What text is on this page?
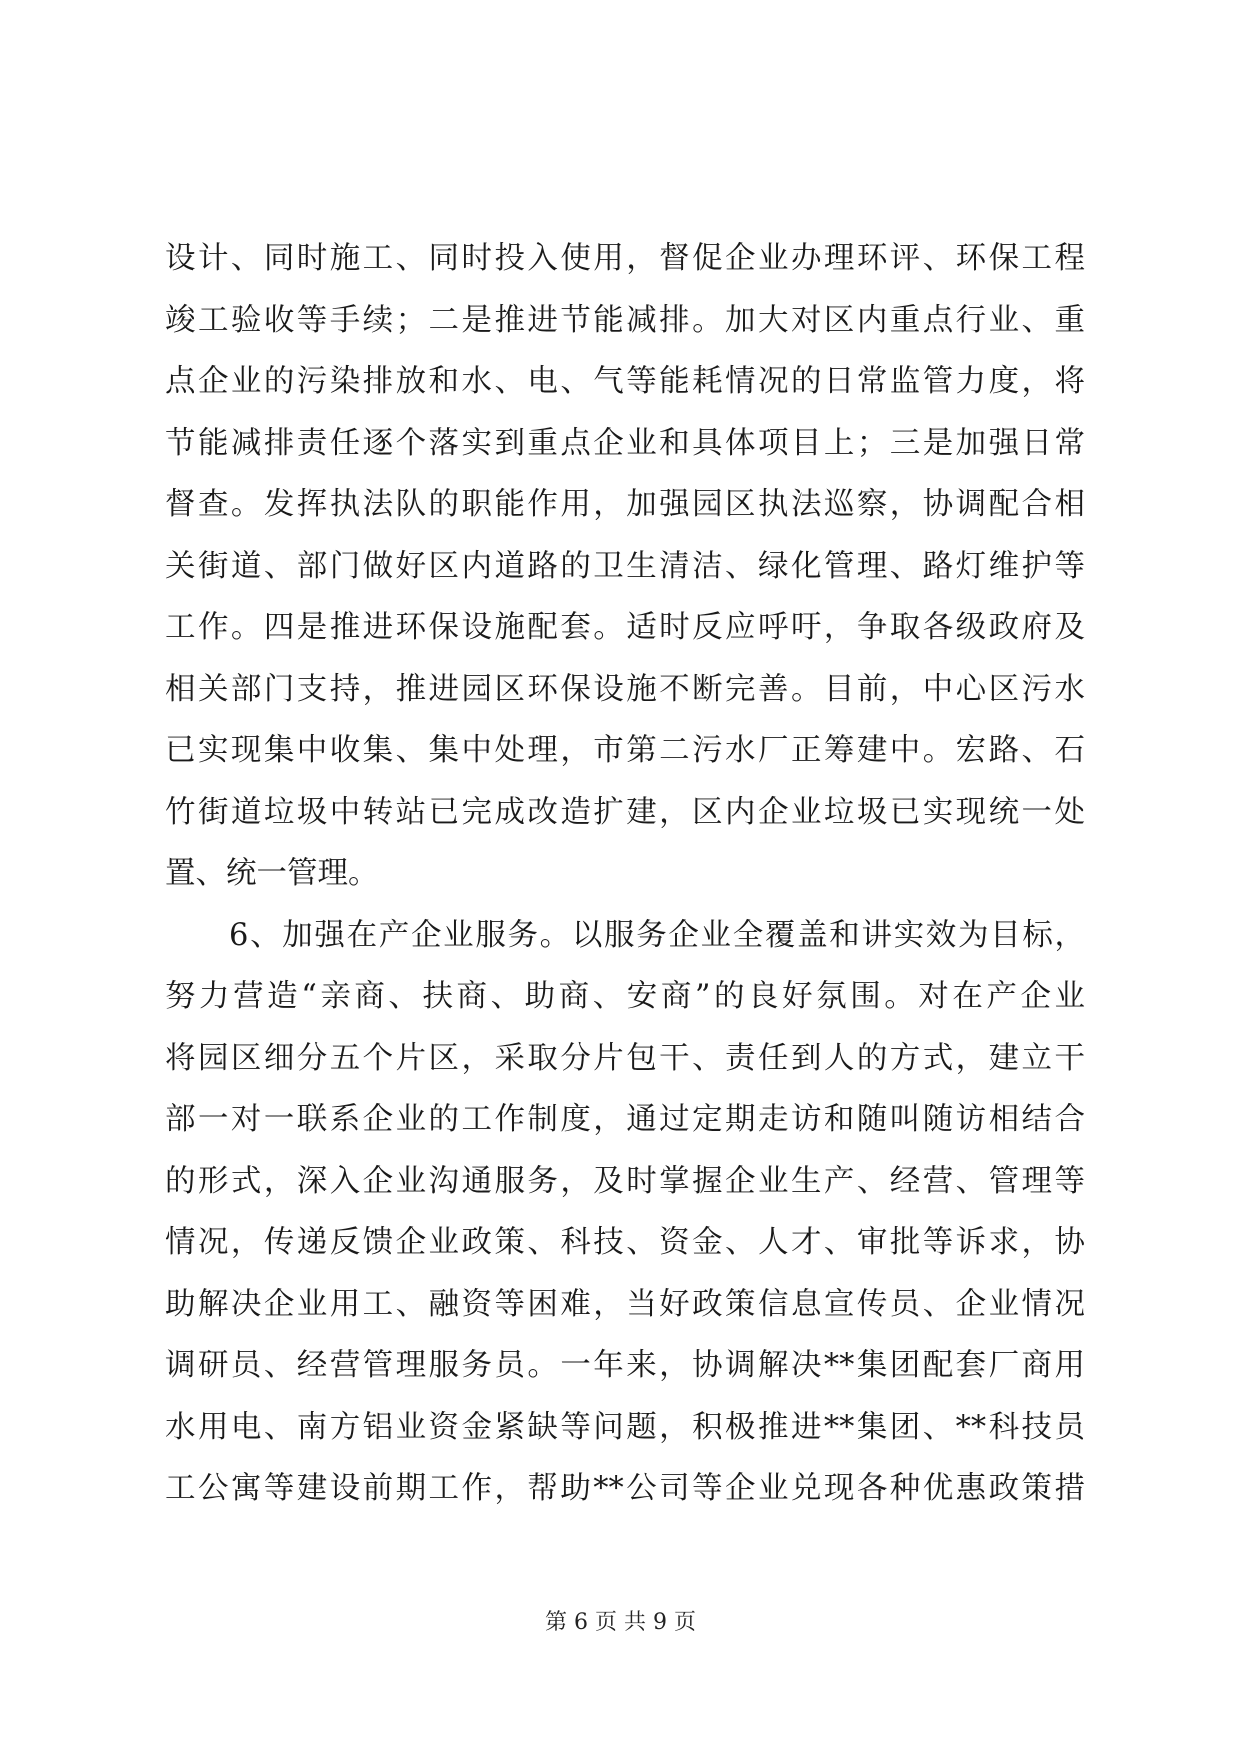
设计、同时施工、同时投入使用，督促企业办理环评、环保工程
竣工验收等手续；二是推进节能减排。加大对区内重点行业、重
点企业的污染排放和水、电、气等能耗情况的日常监管力度，将
节能减排责任逐个落实到重点企业和具体项目上；三是加强日常
督查。发挥执法队的职能作用，加强园区执法巡察，协调配合相
关街道、部门做好区内道路的卫生清洁、绿化管理、路灯维护等
工作。四是推进环保设施配套。适时反应呼吁，争取各级政府及
相关部门支持，推进园区环保设施不断完善。目前，中心区污水
已实现集中收集、集中处理，市第二污水厂正筹建中。宏路、石
竹街道垃圾中转站已完成改造扩建，区内企业垃圾已实现统一处
置、统一管理。
6、加强在产企业服务。以服务企业全覆盖和讲实效为目标，
努力营造“亲商、扶商、助商、安商”的良好氛围。对在产企业
将园区细分五个片区，采取分片包干、责任到人的方式，建立干
部一对一联系企业的工作制度，通过定期走访和随叫随访相结合
的形式，深入企业沟通服务，及时掌握企业生产、经营、管理等
情况，传递反馈企业政策、科技、资金、人才、审批等诉求，协
助解决企业用工、融资等困难，当好政策信息宣传员、企业情况
调研员、经营管理服务员。一年来，协调解决**集团配套厂商用
水用电、南方铝业资金紧缺等问题，积极推进**集团、**科技员
工公寓等建设前期工作，帮助**公司等企业兑现各种优惠政策措
第 6 页 共 9 页
